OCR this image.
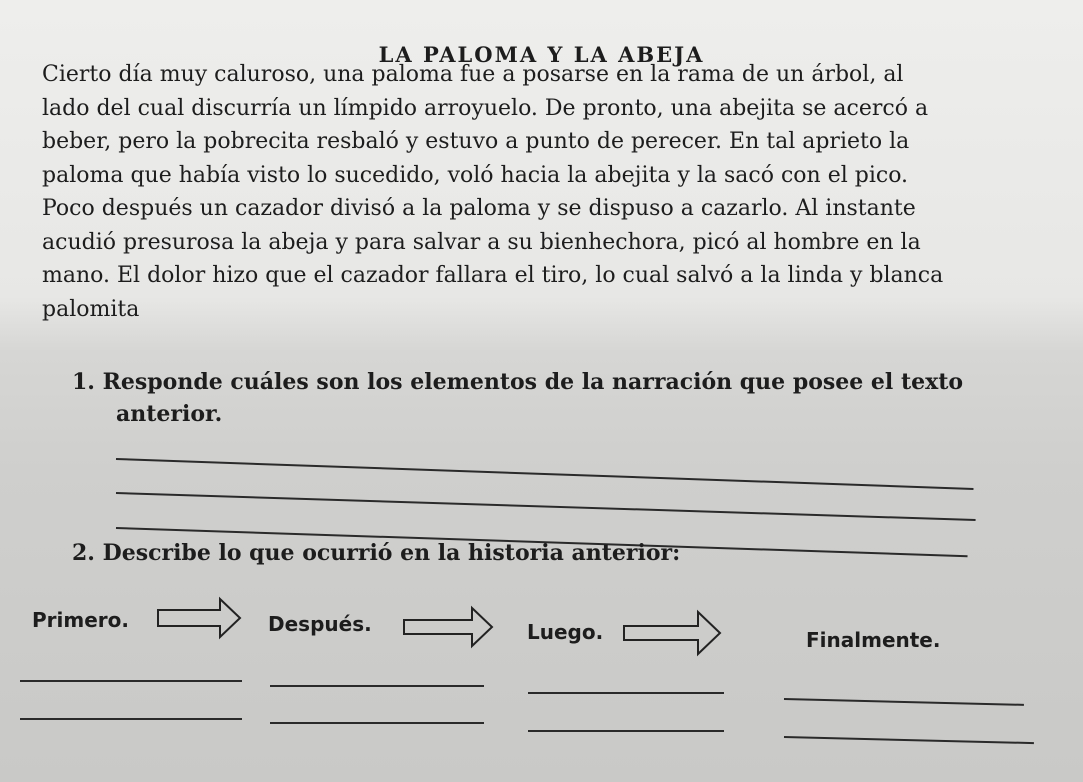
LA PALOMA Y LA ABEJA
Cierto día muy caluroso, una paloma fue a posarse en la rama de un árbol, al
lado del cual discurría un límpido arroyuelo. De pronto, una abejita se acercó a
beber, pero la pobrecita resbaló y estuvo a punto de perecer. En tal aprieto la
paloma que había visto lo sucedido, voló hacia la abejita y la sacó con el pico.
Poco después un cazador divisó a la paloma y se dispuso a cazarlo. Al instante
acudió presurosa la abeja y para salvar a su bienhechora, picó al hombre en la
mano. El dolor hizo que el cazador fallara el tiro, lo cual salvó a la linda y blanca
palomita
1. Responde cuáles son los elementos de la narración que posee el texto
anterior.
2. Describe lo que ocurrió en la historia anterior:
Primero.	Después.	Luego.	Finalmente.
